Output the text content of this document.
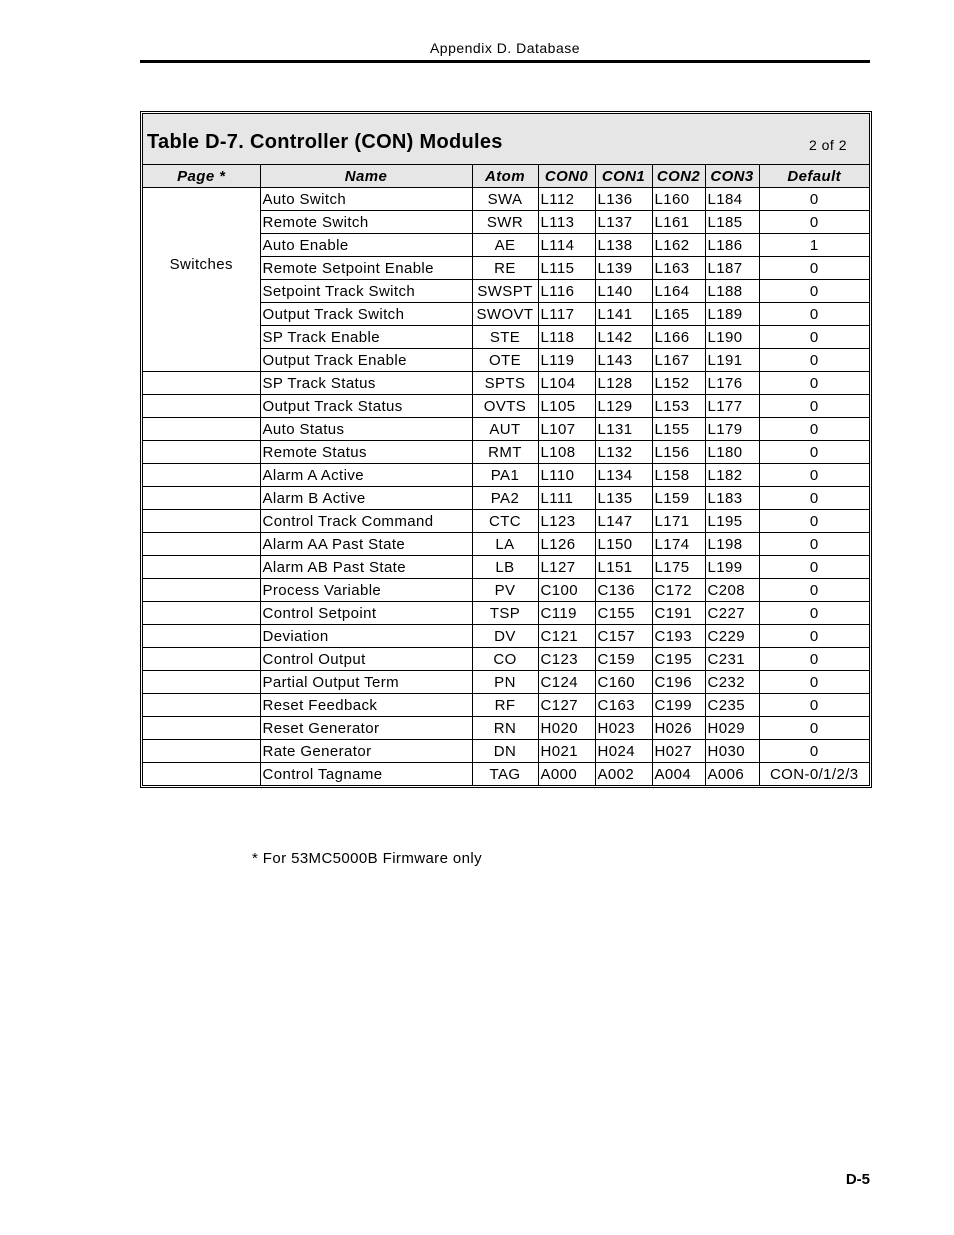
Appendix D. Database
Table D-7. Controller (CON) Modules	2 of 2
Page *	Name	Atom	CON0	CON1	CON2	CON3	Default
Switches	Auto Switch	SWA	L112	L136	L160	L184	0
	Remote Switch	SWR	L113	L137	L161	L185	0
	Auto Enable	AE	L114	L138	L162	L186	1
	Remote Setpoint Enable	RE	L115	L139	L163	L187	0
	Setpoint Track Switch	SWSPT	L116	L140	L164	L188	0
	Output Track Switch	SWOVT	L117	L141	L165	L189	0
	SP Track Enable	STE	L118	L142	L166	L190	0
	Output Track Enable	OTE	L119	L143	L167	L191	0
	SP Track Status	SPTS	L104	L128	L152	L176	0
	Output Track Status	OVTS	L105	L129	L153	L177	0
	Auto Status	AUT	L107	L131	L155	L179	0
	Remote Status	RMT	L108	L132	L156	L180	0
	Alarm A Active	PA1	L110	L134	L158	L182	0
	Alarm B Active	PA2	L111	L135	L159	L183	0
	Control Track Command	CTC	L123	L147	L171	L195	0
	Alarm AA Past State	LA	L126	L150	L174	L198	0
	Alarm AB Past State	LB	L127	L151	L175	L199	0
	Process Variable	PV	C100	C136	C172	C208	0
	Control Setpoint	TSP	C119	C155	C191	C227	0
	Deviation	DV	C121	C157	C193	C229	0
	Control Output	CO	C123	C159	C195	C231	0
	Partial Output Term	PN	C124	C160	C196	C232	0
	Reset Feedback	RF	C127	C163	C199	C235	0
	Reset Generator	RN	H020	H023	H026	H029	0
	Rate Generator	DN	H021	H024	H027	H030	0
	Control Tagname	TAG	A000	A002	A004	A006	CON-0/1/2/3
* For 53MC5000B Firmware only
D-5
